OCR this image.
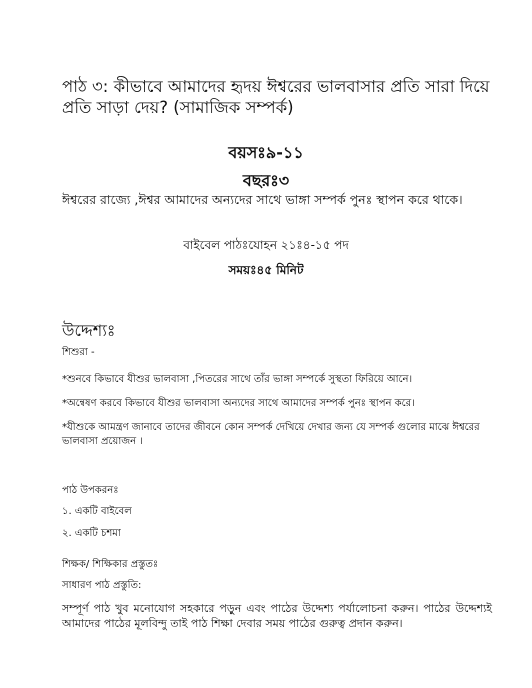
পাঠ ৩: কীভাবে আমাদের হৃদয় ঈশ্বরের ভালবাসার প্রতি সারা দিয়ে প্রতি সাড়া দেয়? (সামাজিক সম্পর্ক)
বয়সঃ৯-১১
বছরঃ৩
ঈশ্বরের রাজ্যে ,ঈশ্বর আমাদের অন্যদের সাথে ভাঙ্গা সম্পর্ক পুনঃ স্থাপন করে থাকে।
বাইবেল পাঠঃযোহন ২১ঃ৪-১৫ পদ
সময়ঃ৪৫ মিনিট
উদ্দেশ্যঃ
শিশুরা -
*শুনবে কিভাবে যীশুর ভালবাসা ,পিতরের সাথে তাঁর ভাঙ্গা সম্পর্কে সুস্থতা ফিরিয়ে আনে।
*অন্বেষণ করবে কিভাবে যীশুর ভালবাসা অন্যদের সাথে আমাদের সম্পর্ক পুনঃ স্থাপন করে।
*যীশুকে আমন্ত্রণ জানাবে তাদের জীবনে কোন সম্পর্ক দেখিয়ে দেখার জন্য যে সম্পর্ক গুলোর মাঝে ঈশ্বরের ভালবাসা প্রয়োজন ।
পাঠ উপকরনঃ
১. একটি বাইবেল
২. একটি চশমা
শিক্ষক/ শিক্ষিকার প্রস্তুতঃ
সাধারণ পাঠ প্রস্তুতি:
সম্পূর্ণ পাঠ খুব মনোযোগ সহকারে পড়ুন এবং পাঠের উদ্দেশ্য পর্যালোচনা করুন। পাঠের উদ্দেশ্যই আমাদের পাঠের মূলবিন্দু তাই পাঠ শিক্ষা দেবার সময় পাঠের গুরুত্ব প্রদান করুন।
